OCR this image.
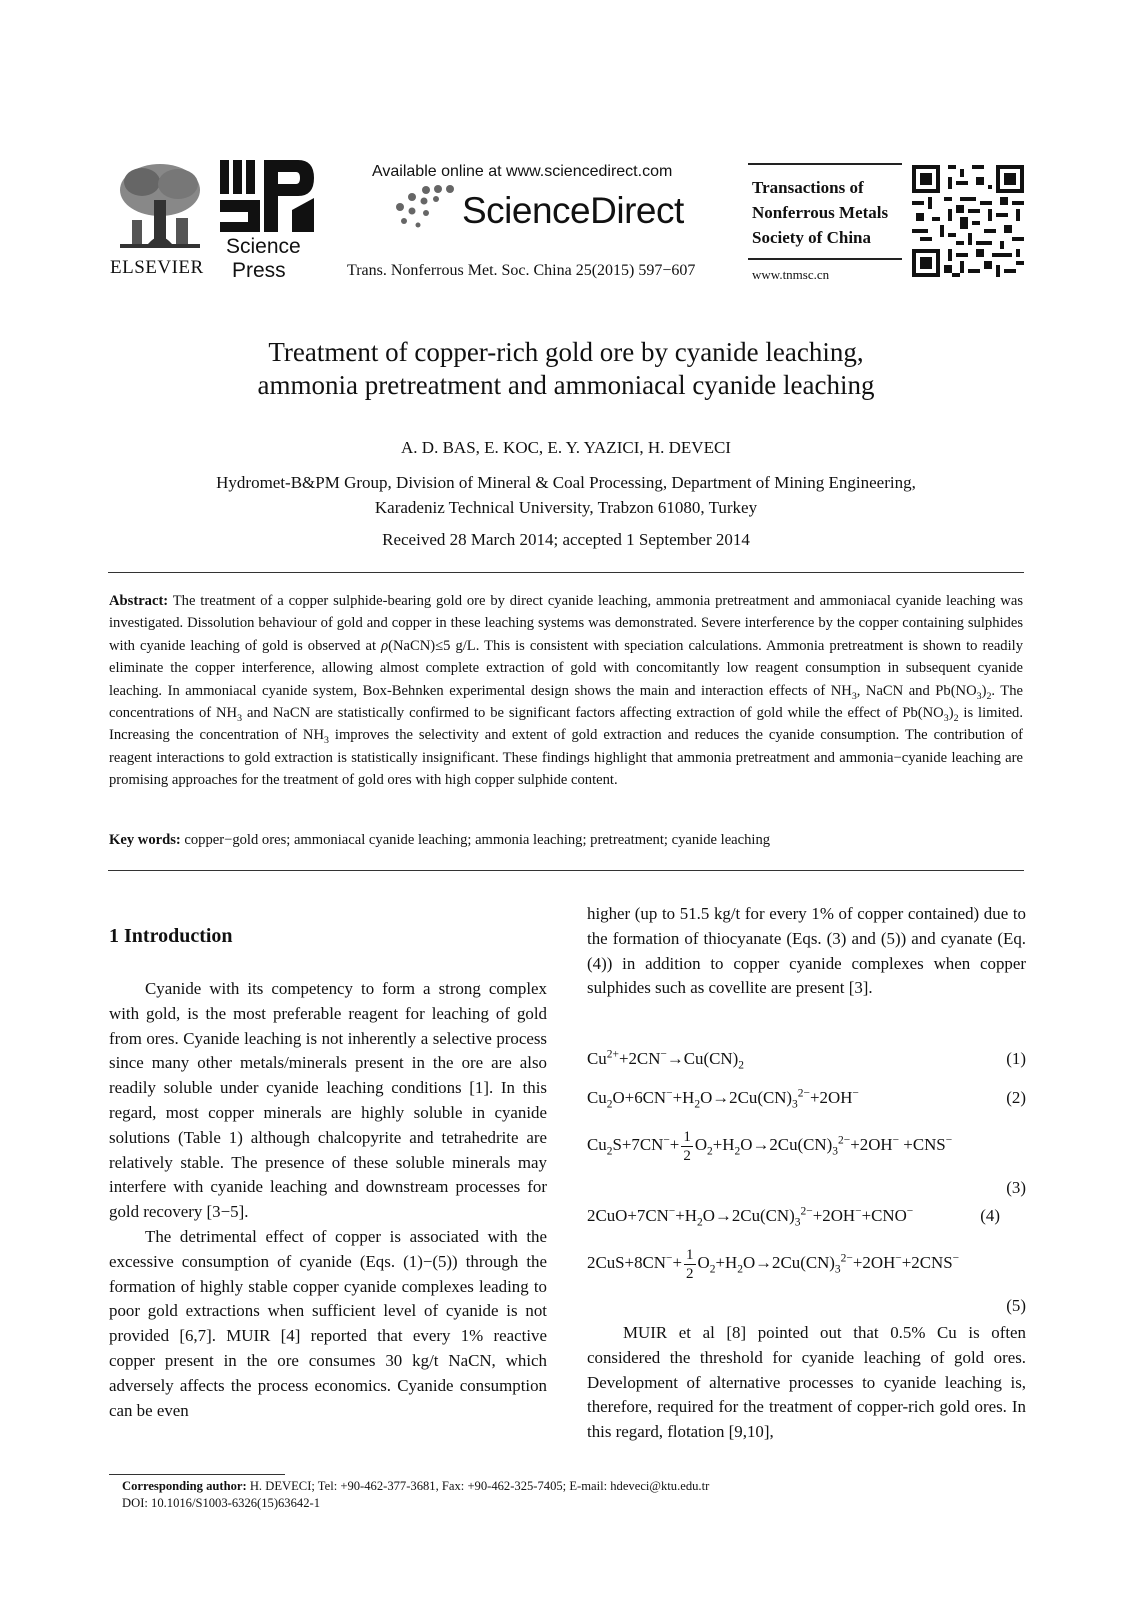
ELSEVIER
Science
Press
Available online at www.sciencedirect.com
ScienceDirect
Trans. Nonferrous Met. Soc. China 25(2015) 597−607
Transactions of
Nonferrous Metals
Society of China
www.tnmsc.cn
Treatment of copper-rich gold ore by cyanide leaching,
ammonia pretreatment and ammoniacal cyanide leaching
A. D. BAS, E. KOC, E. Y. YAZICI, H. DEVECI
Hydromet-B&PM Group, Division of Mineral & Coal Processing, Department of Mining Engineering,
Karadeniz Technical University, Trabzon 61080, Turkey
Received 28 March 2014; accepted 1 September 2014
Abstract: The treatment of a copper sulphide-bearing gold ore by direct cyanide leaching, ammonia pretreatment and ammoniacal cyanide leaching was investigated. Dissolution behaviour of gold and copper in these leaching systems was demonstrated. Severe interference by the copper containing sulphides with cyanide leaching of gold is observed at ρ(NaCN)≤5 g/L. This is consistent with speciation calculations. Ammonia pretreatment is shown to readily eliminate the copper interference, allowing almost complete extraction of gold with concomitantly low reagent consumption in subsequent cyanide leaching. In ammoniacal cyanide system, Box-Behnken experimental design shows the main and interaction effects of $NH_3$, NaCN and $Pb(NO_3)_2$. The concentrations of $NH_3$ and NaCN are statistically confirmed to be significant factors affecting extraction of gold while the effect of $Pb(NO_3)_2$ is limited. Increasing the concentration of $NH_3$ improves the selectivity and extent of gold extraction and reduces the cyanide consumption. The contribution of reagent interactions to gold extraction is statistically insignificant. These findings highlight that ammonia pretreatment and ammonia−cyanide leaching are promising approaches for the treatment of gold ores with high copper sulphide content.
Key words: copper−gold ores; ammoniacal cyanide leaching; ammonia leaching; pretreatment; cyanide leaching
1 Introduction

Cyanide with its competency to form a strong complex with gold, is the most preferable reagent for leaching of gold from ores. Cyanide leaching is not inherently a selective process since many other metals/minerals present in the ore are also readily soluble under cyanide leaching conditions [1]. In this regard, most copper minerals are highly soluble in cyanide solutions (Table 1) although chalcopyrite and tetrahedrite are relatively stable. The presence of these soluble minerals may interfere with cyanide leaching and downstream processes for gold recovery [3−5].

The detrimental effect of copper is associated with the excessive consumption of cyanide (Eqs. (1)−(5)) through the formation of highly stable copper cyanide complexes leading to poor gold extractions when sufficient level of cyanide is not provided [6,7]. MUIR [4] reported that every 1% reactive copper present in the ore consumes 30 kg/t NaCN, which adversely affects the process economics. Cyanide consumption can be even

higher (up to 51.5 kg/t for every 1% of copper contained) due to the formation of thiocyanate (Eqs. (3) and (5)) and cyanate (Eq. (4)) in addition to copper cyanide complexes when copper sulphides such as covellite are present [3].

$Cu^{2+}+2CN^-\to Cu(CN)_2$	(1)
$Cu_2O+6CN^-+H_2O\to 2Cu(CN)_3^{2-}+2OH^-$	(2)
$Cu_2S+7CN^-+ \frac{1}{2} O_2+H_2O\to 2Cu(CN)_3^{2-}+2OH^- +CNS^-$
(3)
$2CuO+7CN^-+H_2O\to 2Cu(CN)_3^{2-}+2OH^-+CNO^-$	(4)
$2CuS+8CN^-+ \frac{1}{2} O_2+H_2O\to 2Cu(CN)_3^{2-}+2OH^-+2CNS^-$
(5)

MUIR et al [8] pointed out that 0.5% Cu is often considered the threshold for cyanide leaching of gold ores. Development of alternative processes to cyanide leaching is, therefore, required for the treatment of copper-rich gold ores. In this regard, flotation [9,10],

Corresponding author: H. DEVECI; Tel: +90-462-377-3681, Fax: +90-462-325-7405; E-mail: hdeveci@ktu.edu.tr
DOI: 10.1016/S1003-6326(15)63642-1
